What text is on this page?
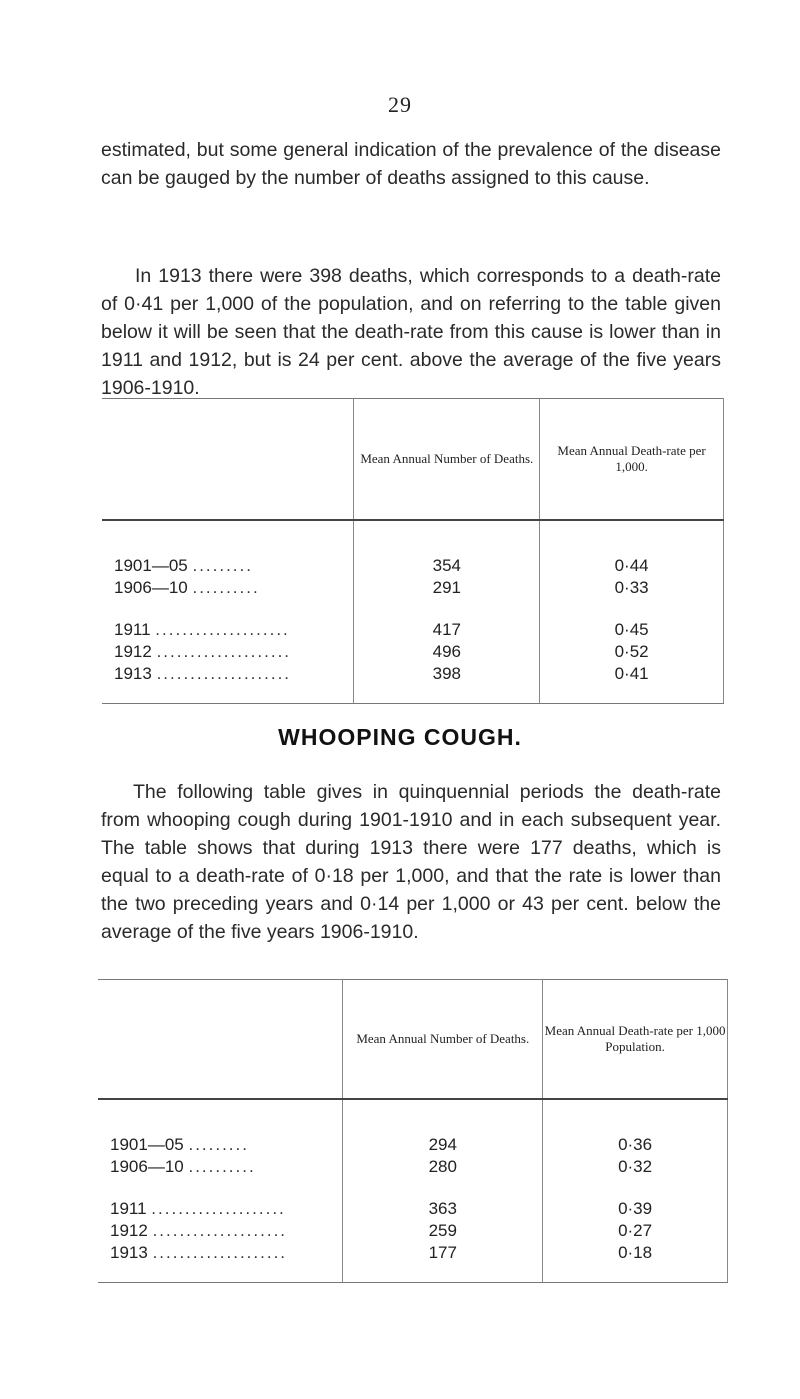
29

estimated, but some general indication of the prevalence of the disease can be gauged by the number of deaths assigned to this cause.

In 1913 there were 398 deaths, which corresponds to a death-rate of 0·41 per 1,000 of the population, and on referring to the table given below it will be seen that the death-rate from this cause is lower than in 1911 and 1912, but is 24 per cent. above the average of the five years 1906-1910.

	Mean Annual Number of Deaths.	Mean Annual Death-rate per 1,000.

1901—05 .........	354	0·44
1906—10 ..........	291	0·33

1911 ....................	417	0·45
1912 ....................	496	0·52
1913 ....................	398	0·41

WHOOPING COUGH.

The following table gives in quinquennial periods the death-rate from whooping cough during 1901-1910 and in each subsequent year. The table shows that during 1913 there were 177 deaths, which is equal to a death-rate of 0·18 per 1,000, and that the rate is lower than the two preceding years and 0·14 per 1,000 or 43 per cent. below the average of the five years 1906-1910.

	Mean Annual Number of Deaths.	Mean Annual Death-rate per 1,000 Population.

1901—05 .........	294	0·36
1906—10 ..........	280	0·32

1911 ....................	363	0·39
1912 ....................	259	0·27
1913 ....................	177	0·18
